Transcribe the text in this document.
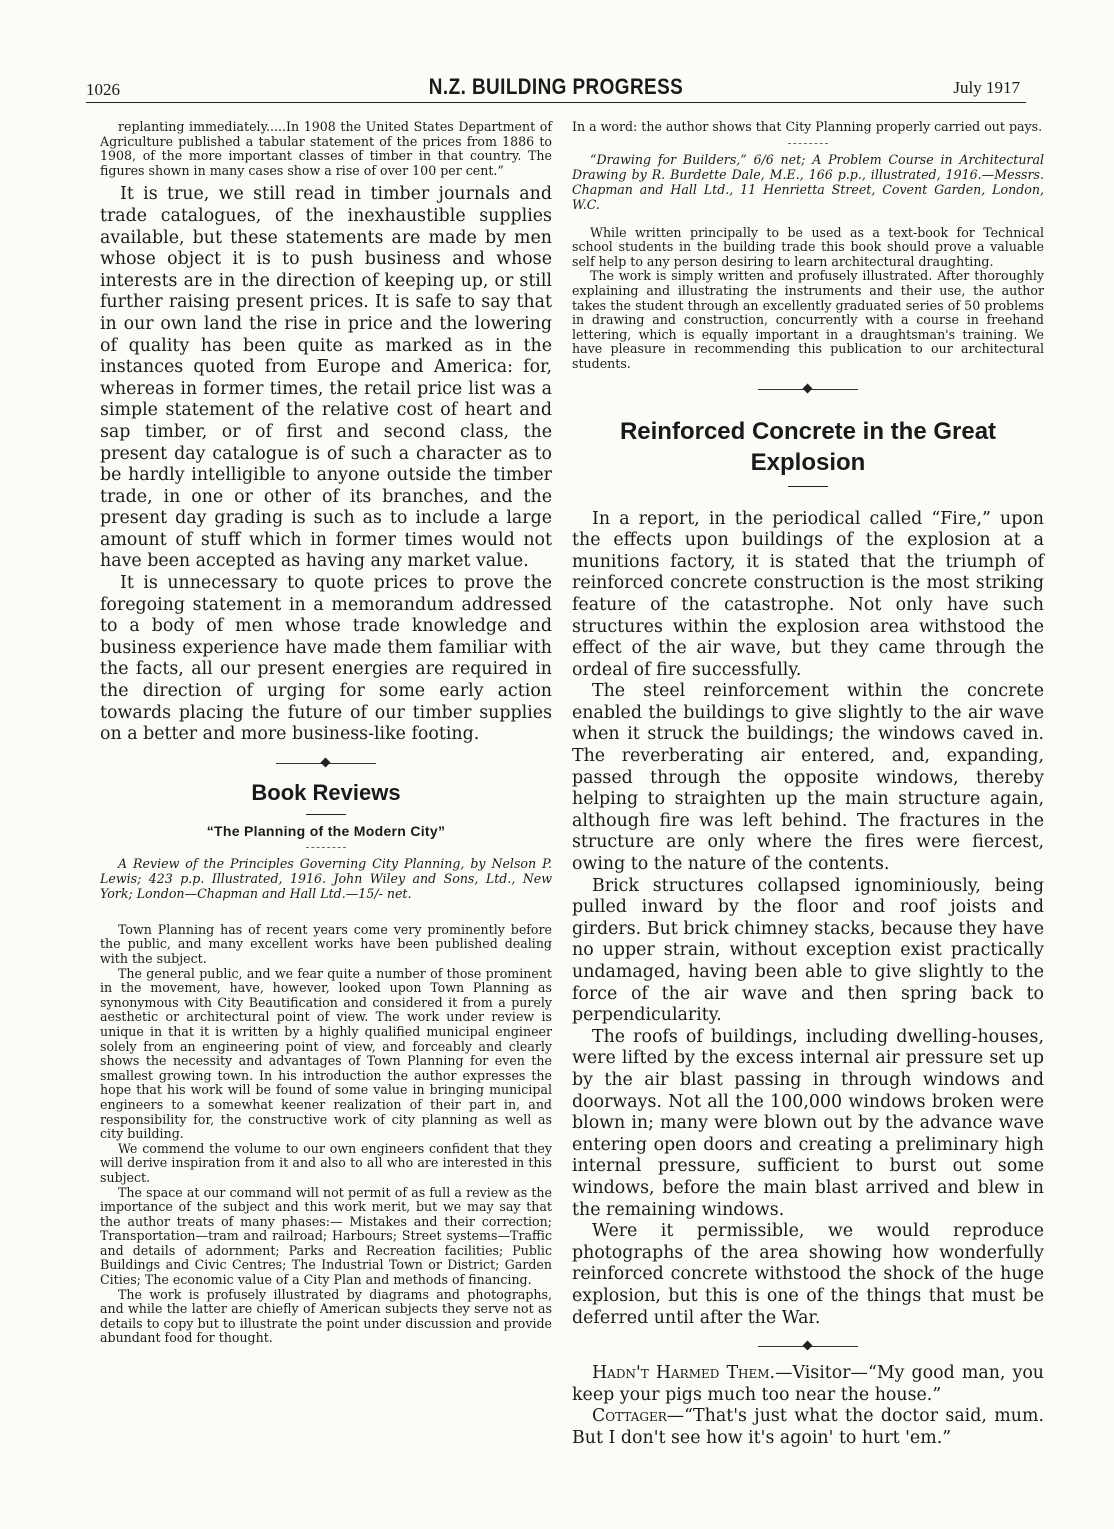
1026	N.Z. BUILDING PROGRESS	July 1917

replanting immediately.....In 1908 the United States Department of Agriculture published a tabular statement of the prices from 1886 to 1908, of the more important classes of timber in that country. The figures shown in many cases show a rise of over 100 per cent.”

It is true, we still read in timber journals and trade catalogues, of the inexhaustible supplies available, but these statements are made by men whose object it is to push business and whose interests are in the direction of keeping up, or still further raising present prices. It is safe to say that in our own land the rise in price and the lowering of quality has been quite as marked as in the instances quoted from Europe and America: for, whereas in former times, the retail price list was a simple statement of the relative cost of heart and sap timber, or of first and second class, the present day catalogue is of such a character as to be hardly intelligible to anyone outside the timber trade, in one or other of its branches, and the present day grading is such as to include a large amount of stuff which in former times would not have been accepted as having any market value.

It is unnecessary to quote prices to prove the foregoing statement in a memorandum addressed to a body of men whose trade knowledge and business experience have made them familiar with the facts, all our present energies are required in the direction of urging for some early action towards placing the future of our timber supplies on a better and more business-like footing.

Book Reviews
“The Planning of the Modern City”

A Review of the Principles Governing City Planning, by Nelson P. Lewis; 423 p.p. Illustrated, 1916. John Wiley and Sons, Ltd., New York; London—Chapman and Hall Ltd.—15/- net.

Town Planning has of recent years come very prominently before the public, and many excellent works have been published dealing with the subject.

The general public, and we fear quite a number of those prominent in the movement, have, however, looked upon Town Planning as synonymous with City Beautification and considered it from a purely aesthetic or architectural point of view. The work under review is unique in that it is written by a highly qualified municipal engineer solely from an engineering point of view, and forceably and clearly shows the necessity and advantages of Town Planning for even the smallest growing town. In his introduction the author expresses the hope that his work will be found of some value in bringing municipal engineers to a somewhat keener realization of their part in, and responsibility for, the constructive work of city planning as well as city building.

We commend the volume to our own engineers confident that they will derive inspiration from it and also to all who are interested in this subject.

The space at our command will not permit of as full a review as the importance of the subject and this work merit, but we may say that the author treats of many phases:— Mistakes and their correction; Transportation—tram and railroad; Harbours; Street systems—Traffic and details of adornment; Parks and Recreation facilities; Public Buildings and Civic Centres; The Industrial Town or District; Garden Cities; The economic value of a City Plan and methods of financing.

The work is profusely illustrated by diagrams and photographs, and while the latter are chiefly of American subjects they serve not as details to copy but to illustrate the point under discussion and provide abundant food for thought.

In a word: the author shows that City Planning properly carried out pays.

“Drawing for Builders,” 6/6 net; A Problem Course in Architectural Drawing by R. Burdette Dale, M.E., 166 p.p., illustrated, 1916.—Messrs. Chapman and Hall Ltd., 11 Henrietta Street, Covent Garden, London, W.C.

While written principally to be used as a text-book for Technical school students in the building trade this book should prove a valuable self help to any person desiring to learn architectural draughting.

The work is simply written and profusely illustrated. After thoroughly explaining and illustrating the instruments and their use, the author takes the student through an excellently graduated series of 50 problems in drawing and construction, concurrently with a course in freehand lettering, which is equally important in a draughtsman's training. We have pleasure in recommending this publication to our architectural students.

Reinforced Concrete in the Great
Explosion

In a report, in the periodical called “Fire,” upon the effects upon buildings of the explosion at a munitions factory, it is stated that the triumph of reinforced concrete construction is the most striking feature of the catastrophe. Not only have such structures within the explosion area withstood the effect of the air wave, but they came through the ordeal of fire successfully.

The steel reinforcement within the concrete enabled the buildings to give slightly to the air wave when it struck the buildings; the windows caved in. The reverberating air entered, and, expanding, passed through the opposite windows, thereby helping to straighten up the main structure again, although fire was left behind. The fractures in the structure are only where the fires were fiercest, owing to the nature of the contents.

Brick structures collapsed ignominiously, being pulled inward by the floor and roof joists and girders. But brick chimney stacks, because they have no upper strain, without exception exist practically undamaged, having been able to give slightly to the force of the air wave and then spring back to perpendicularity.

The roofs of buildings, including dwelling-houses, were lifted by the excess internal air pressure set up by the air blast passing in through windows and doorways. Not all the 100,000 windows broken were blown in; many were blown out by the advance wave entering open doors and creating a preliminary high internal pressure, sufficient to burst out some windows, before the main blast arrived and blew in the remaining windows.

Were it permissible, we would reproduce photographs of the area showing how wonderfully reinforced concrete withstood the shock of the huge explosion, but this is one of the things that must be deferred until after the War.

Hadn't Harmed Them.—Visitor—“My good man, you keep your pigs much too near the house.”

Cottager—“That's just what the doctor said, mum. But I don't see how it's agoin' to hurt 'em.”
